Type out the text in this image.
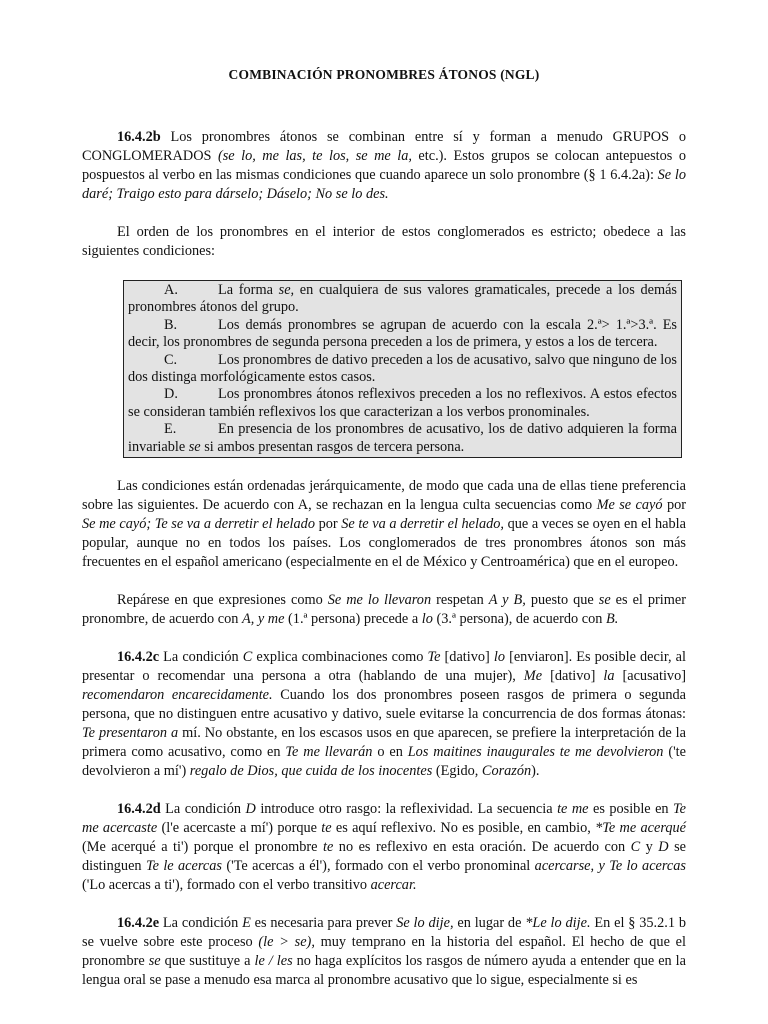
COMBINACIÓN PRONOMBRES ÁTONOS (NGL)

16.4.2b Los pronombres átonos se combinan entre sí y forman a menudo GRUPOS o CONGLOMERADOS (se lo, me las, te los, se me la, etc.). Estos grupos se colocan antepuestos o pospuestos al verbo en las mismas condiciones que cuando aparece un solo pronombre (§ 1 6.4.2a): Se lo daré; Traigo esto para dárselo; Dáselo; No se lo des.

El orden de los pronombres en el interior de estos conglomerados es estricto; obedece a las siguientes condiciones:

A.	La forma se, en cualquiera de sus valores gramaticales, precede a los demás pronombres átonos del grupo.

B.	Los demás pronombres se agrupan de acuerdo con la escala 2.ª> 1.ª>3.ª. Es decir, los pronombres de segunda persona preceden a los de primera, y estos a los de tercera.

C.	Los pronombres de dativo preceden a los de acusativo, salvo que ninguno de los dos distinga morfológicamente estos casos.

D.	Los pronombres átonos reflexivos preceden a los no reflexivos. A estos efectos se consideran también reflexivos los que caracterizan a los verbos pronominales.

E.	En presencia de los pronombres de acusativo, los de dativo adquieren la forma invariable se si ambos presentan rasgos de tercera persona.

Las condiciones están ordenadas jerárquicamente, de modo que cada una de ellas tiene preferencia sobre las siguientes. De acuerdo con A, se rechazan en la lengua culta secuencias como Me se cayó por Se me cayó; Te se va a derretir el helado por Se te va a derretir el helado, que a veces se oyen en el habla popular, aunque no en todos los países. Los conglomerados de tres pronombres átonos son más frecuentes en el español americano (especialmente en el de México y Centroamérica) que en el europeo.

Repárese en que expresiones como Se me lo llevaron respetan A y B, puesto que se es el primer pronombre, de acuerdo con A, y me (1.ª persona) precede a lo (3.ª persona), de acuerdo con B.

16.4.2c La condición C explica combinaciones como Te [dativo] lo [enviaron]. Es posible decir, al presentar o recomendar una persona a otra (hablando de una mujer), Me [dativo] la [acusativo] recomendaron encarecidamente. Cuando los dos pronombres poseen rasgos de primera o segunda persona, que no distinguen entre acusativo y dativo, suele evitarse la concurrencia de dos formas átonas: Te presentaron a mí. No obstante, en los escasos usos en que aparecen, se prefiere la interpretación de la primera como acusativo, como en Te me llevarán o en Los maitines inaugurales te me devolvieron ('te devolvieron a mí') regalo de Dios, que cuida de los inocentes (Egido, Corazón).

16.4.2d La condición D introduce otro rasgo: la reflexividad. La secuencia te me es posible en Te me acercaste (l'e acercaste a mí') porque te es aquí reflexivo. No es posible, en cambio, *Te me acerqué (Me acerqué a ti') porque el pronombre te no es reflexivo en esta oración. De acuerdo con C y D se distinguen Te le acercas ('Te acercas a él'), formado con el verbo pronominal acercarse, y Te lo acercas ('Lo acercas a ti'), formado con el verbo transitivo acercar.

16.4.2e La condición E es necesaria para prever Se lo dije, en lugar de *Le lo dije. En el § 35.2.1 b se vuelve sobre este proceso (le > se), muy temprano en la historia del español. El hecho de que el pronombre se que sustituye a le / les no haga explícitos los rasgos de número ayuda a entender que en la lengua oral se pase a menudo esa marca al pronombre acusativo que lo sigue, especialmente si es
